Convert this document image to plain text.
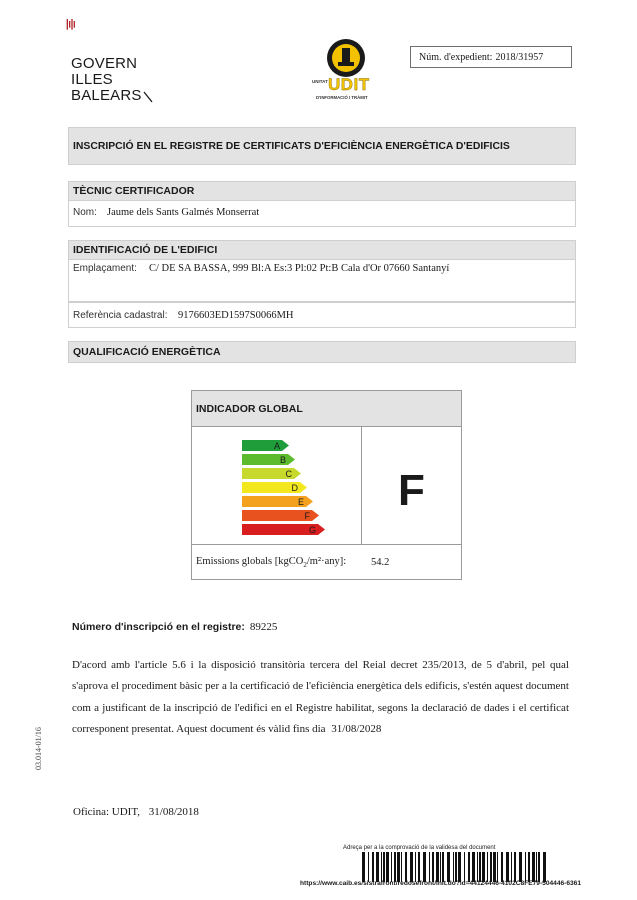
GOVERN
ILLES
BALEARS
UDIT
UNITAT
D'INFORMACIÓ I TRÀMIT
Núm. d'expedient: 2018/31957
INSCRIPCIÓ EN EL REGISTRE DE CERTIFICATS D'EFICIÈNCIA ENERGÈTICA D'EDIFICIS
TÈCNIC CERTIFICADOR
Nom: Jaume dels Sants Galmés Monserrat
IDENTIFICACIÓ DE L'EDIFICI
Emplaçament: C/ DE SA BASSA, 999 Bl:A Es:3 Pl:02 Pt:B Cala d'Or 07660 Santanyí
Referència cadastral: 9176603ED1597S0066MH
QUALIFICACIÓ ENERGÈTICA
INDICADOR GLOBAL
A
B
C
D
E
F
G
F
Emissions globals [kgCO$_2$/m²·any]: 54.2
Número d'inscripció en el registre: 89225
D'acord amb l'article 5.6 i la disposició transitòria tercera del Reial decret 235/2013, de 5 d'abril, pel qual s'aprova el procediment bàsic per a la certificació de l'eficiència energètica dels edificis, s'estén aquest document com a justificant de la inscripció de l'edifici en el Registre habilitat, segons la declaració de dades i el certificat corresponent presentat. Aquest document és vàlid fins dia 31/08/2028
03.014-01/16
Oficina: UDIT, 31/08/2018
Adreça per a la comprovació de la validesa del document
https://www.caib.es/sistrafront/redosefront/init.do?id=44124446-4102C8FE79-504446-6361
